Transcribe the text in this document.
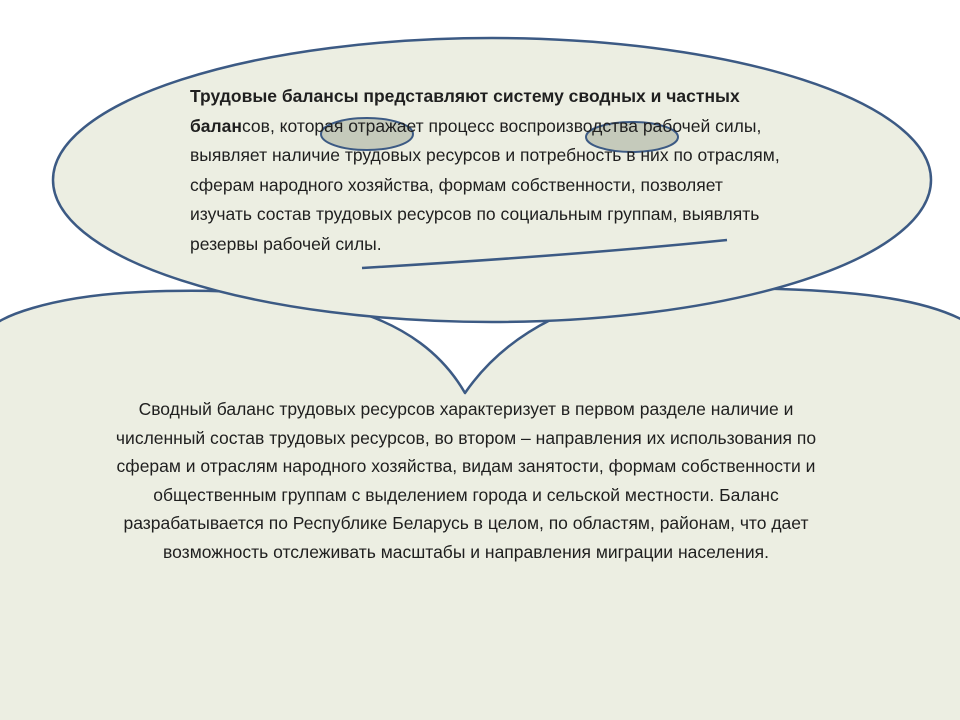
Трудовые балансы представляют систему сводных и частных балансов, которая отражает процесс воспроизводства рабочей силы, выявляет наличие трудовых ресурсов и потребность в них по отраслям, сферам народного хозяйства, формам собственности, позволяет изучать состав трудовых ресурсов по социальным группам, выявлять резервы рабочей силы.

Сводный баланс трудовых ресурсов характеризует в первом разделе наличие и численный состав трудовых ресурсов, во втором – направления их использования по сферам и отраслям народного хозяйства, видам занятости, формам собственности и общественным группам с выделением города и сельской местности. Баланс разрабатывается по Республике Беларусь в целом, по областям, районам, что дает возможность отслеживать масштабы и направления миграции населения.
